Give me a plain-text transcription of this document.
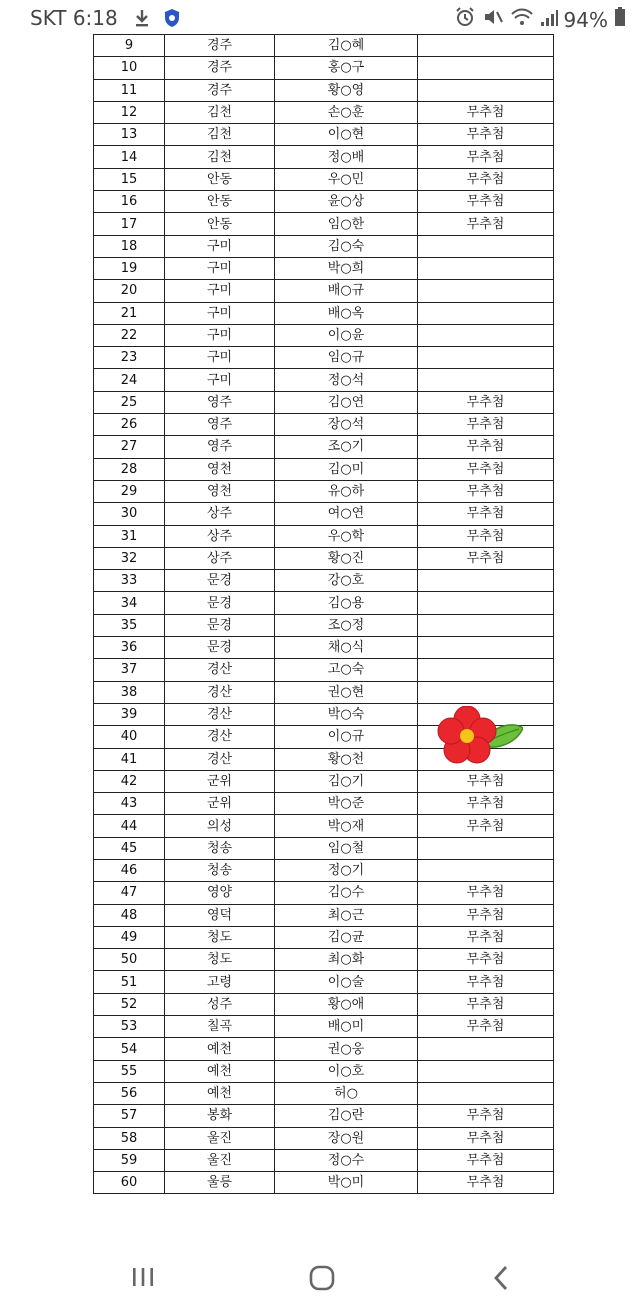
SKT 6:18	94%
9	경주	김○혜	
10	경주	홍○구	
11	경주	황○영	
12	김천	손○훈	무추첨
13	김천	이○현	무추첨
14	김천	정○배	무추첨
15	안동	우○민	무추첨
16	안동	윤○상	무추첨
17	안동	임○한	무추첨
18	구미	김○숙	
19	구미	박○희	
20	구미	배○규	
21	구미	배○옥	
22	구미	이○윤	
23	구미	임○규	
24	구미	정○석	
25	영주	김○연	무추첨
26	영주	장○석	무추첨
27	영주	조○기	무추첨
28	영천	김○미	무추첨
29	영천	유○하	무추첨
30	상주	여○연	무추첨
31	상주	우○학	무추첨
32	상주	황○진	무추첨
33	문경	강○호	
34	문경	김○용	
35	문경	조○정	
36	문경	채○식	
37	경산	고○숙	
38	경산	권○현	
39	경산	박○숙	
40	경산	이○규	
41	경산	황○천	
42	군위	김○기	무추첨
43	군위	박○준	무추첨
44	의성	박○재	무추첨
45	청송	임○철	
46	청송	정○기	
47	영양	김○수	무추첨
48	영덕	최○근	무추첨
49	청도	김○균	무추첨
50	청도	최○화	무추첨
51	고령	이○술	무추첨
52	성주	황○애	무추첨
53	칠곡	배○미	무추첨
54	예천	권○웅	
55	예천	이○호	
56	예천	허○	
57	봉화	김○란	무추첨
58	울진	장○원	무추첨
59	울진	정○수	무추첨
60	울릉	박○미	무추첨
